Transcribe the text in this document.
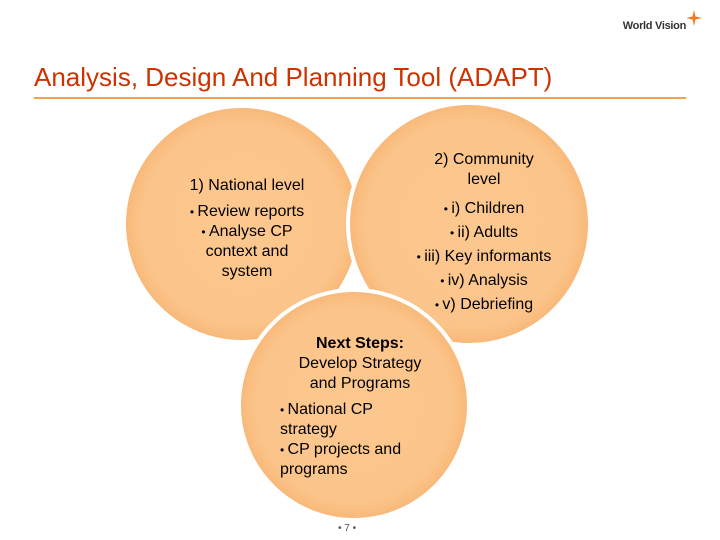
World Vision
Analysis, Design And Planning Tool (ADAPT)
1) National level
• Review reports
• Analyse CP context and system
2) Community level
• i) Children
• ii) Adults
• iii) Key informants
• iv) Analysis
• v) Debriefing
Next Steps:
Develop Strategy and Programs
• National CP strategy
• CP projects and programs
• 7 •
